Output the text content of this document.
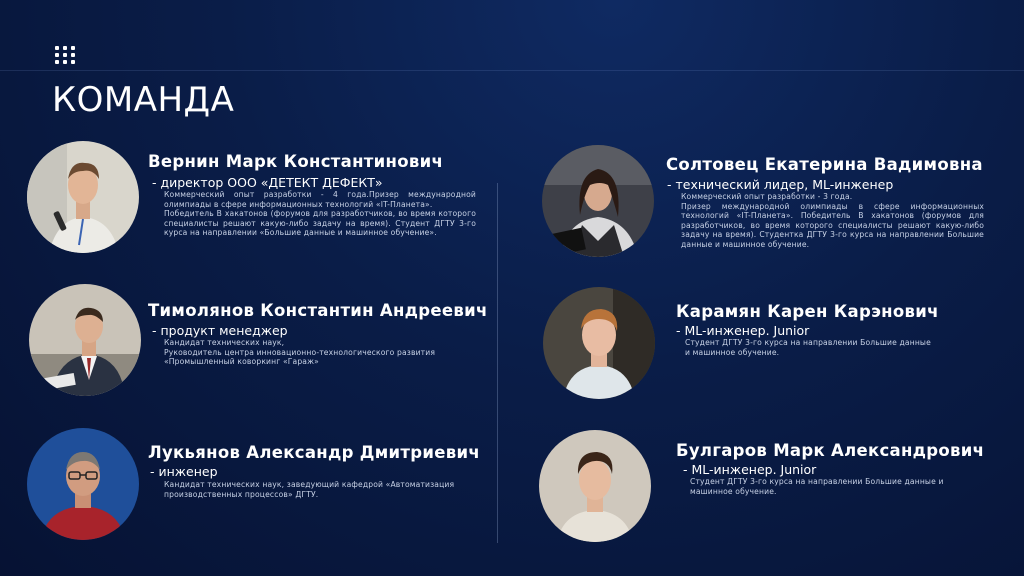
КОМАНДА
Вернин Марк Константинович

- директор ООО «ДЕТЕКТ ДЕФЕКТ»

Коммерческий опыт разработки - 4 года.Призер международной олимпиады в сфере информационных технологий «IT-Планета».

Победитель В хакатонов (форумов для разработчиков, во время которого специалисты решают какую-либо задачу на время). Студент ДГТУ 3-го курса на направлении «Большие данные и машинное обучение».

Тимолянов Константин Андреевич

- продукт менеджер

Кандидат технических наук,

Руководитель центра инновационно-технологического развития «Промышленный коворкинг «Гараж»

Лукьянов Александр Дмитриевич

- инженер

Кандидат технических наук, заведующий кафедрой «Автоматизация производственных процессов» ДГТУ.

Солтовец Екатерина Вадимовна

- технический лидер, ML-инженер

Коммерческий опыт разработки - 3 года.

Призер международной олимпиады в сфере информационных технологий «IT-Планета». Победитель В хакатонов (форумов для разработчиков, во время которого специалисты решают какую-либо задачу на время). Студентка ДГТУ 3-го курса на направлении Большие данные и машинное обучение.

Карамян Карен Карэнович

- ML-инженер. Junior

Студент ДГТУ 3-го курса на направлении Большие данные и машинное обучение.

Булгаров Марк Александрович

- ML-инженер. Junior

Студент ДГТУ 3-го курса на направлении Большие данные и машинное обучение.
